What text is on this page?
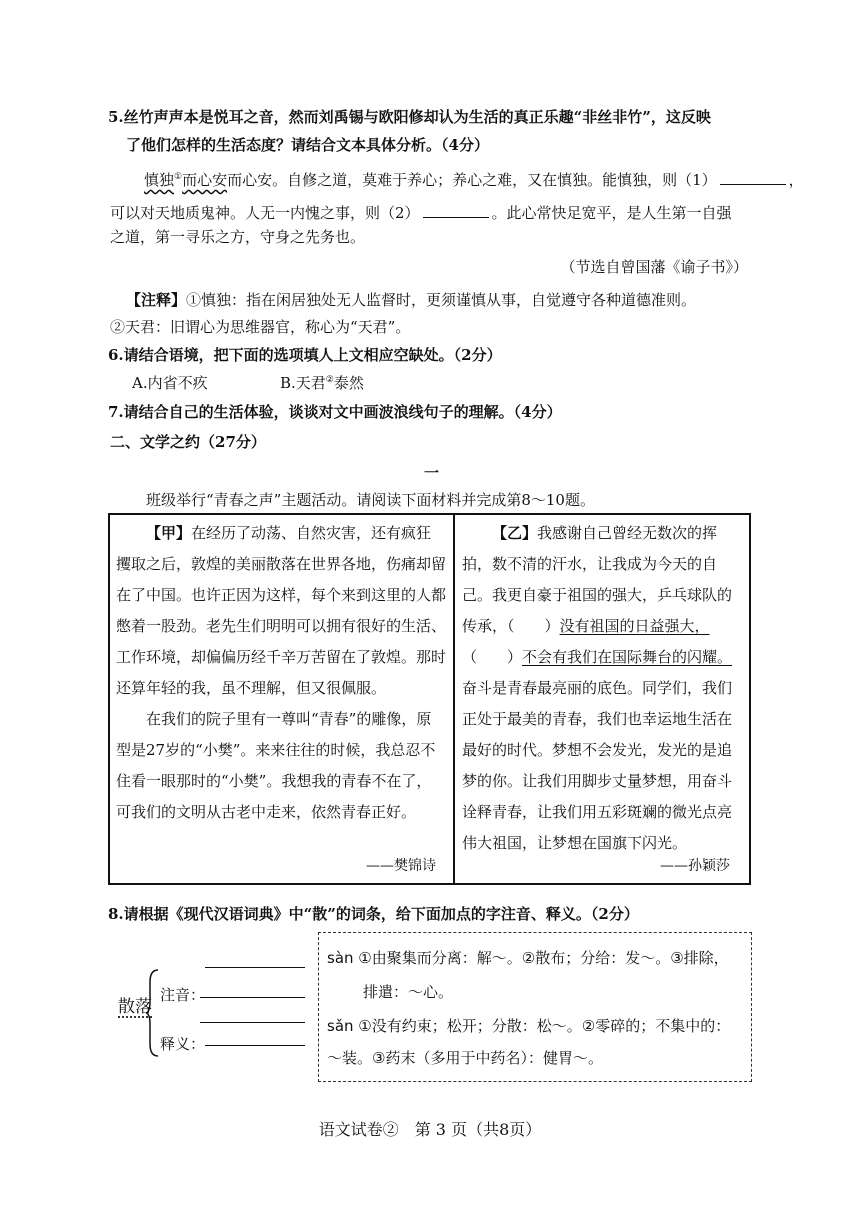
5.丝竹声声本是悦耳之音，然而刘禹锡与欧阳修却认为生活的真正乐趣“非丝非竹”，这反映
了他们怎样的生活态度？请结合文本具体分析。（4分）
慎独①而心安而心安。自修之道，莫难于养心；养心之难，又在慎独。能慎独，则（1）	，
可以对天地质鬼神。人无一内愧之事，则（2）	。此心常快足宽平，是人生第一自强
之道，第一寻乐之方，守身之先务也。
（节选自曾国藩《谕子书》）
【注释】①慎独：指在闲居独处无人监督时，更须谨慎从事，自觉遵守各种道德准则。
②天君：旧谓心为思维器官，称心为“天君”。
6.请结合语境，把下面的选项填人上文相应空缺处。（2分）
A.内省不疚	B.天君②泰然
7.请结合自己的生活体验，谈谈对文中画波浪线句子的理解。（4分）
二、文学之约（27分）
一
班级举行“青春之声”主题活动。请阅读下面材料并完成第8～10题。
【甲】在经历了动荡、自然灾害，还有疯狂攫取之后，敦煌的美丽散落在世界各地，伤痛却留在了中国。也许正因为这样，每个来到这里的人都憋着一股劲。老先生们明明可以拥有很好的生活、工作环境，却偏偏历经千辛万苦留在了敦煌。那时还算年轻的我，虽不理解，但又很佩服。
在我们的院子里有一尊叫“青春”的雕像，原型是27岁的“小樊”。来来往往的时候，我总忍不住看一眼那时的“小樊”。我想我的青春不在了，可我们的文明从古老中走来，依然青春正好。
——樊锦诗
【乙】我感谢自己曾经无数次的挥拍，数不清的汗水，让我成为今天的自己。我更自豪于祖国的强大，乒乓球队的传承，（　　）没有祖国的日益强大，（　　）不会有我们在国际舞台的闪耀。奋斗是青春最亮丽的底色。同学们，我们正处于最美的青春，我们也幸运地生活在最好的时代。梦想不会发光，发光的是追梦的你。让我们用脚步丈量梦想，用奋斗诠释青春，让我们用五彩斑斓的微光点亮伟大祖国，让梦想在国旗下闪光。
——孙颖莎
8.请根据《现代汉语词典》中“散”的词条，给下面加点的字注音、释义。（2分）
散落
注音：
释义：
sàn ①由聚集而分离：解～。②散布；分给：发～。③排除，
排遣：～心。
sǎn ①没有约束；松开；分散：松～。②零碎的；不集中的：
～装。③药末（多用于中药名）：健胃～。
语文试卷②　第 3 页（共8页）
